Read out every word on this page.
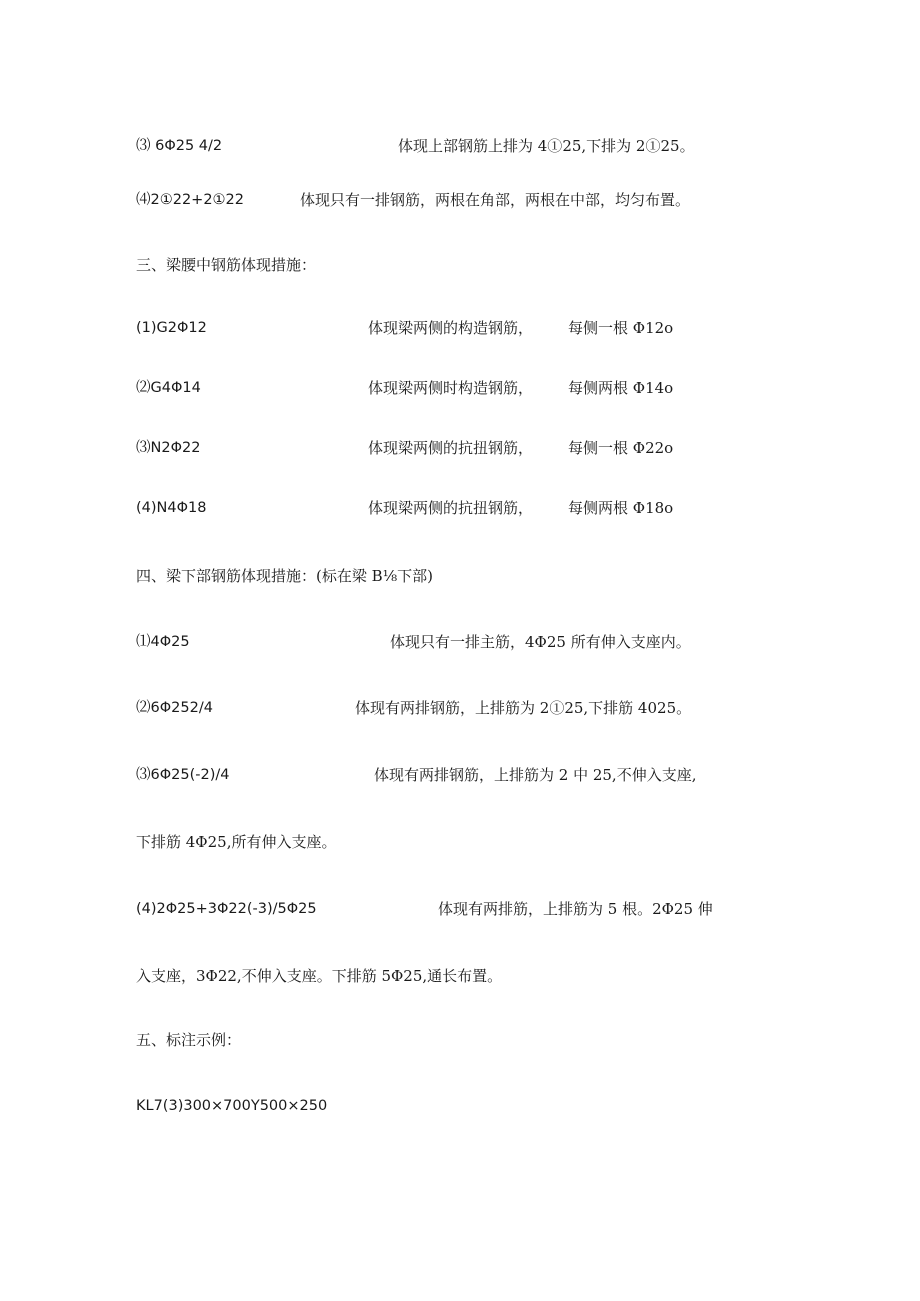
⑶ 6Φ25 4/2	体现上部钢筋上排为 4①25,下排为 2①25。
⑷2①22+2①22	体现只有一排钢筋，两根在角部，两根在中部，均匀布置。
三、梁腰中钢筋体现措施：
(1)G2Φ12	体现梁两侧的构造钢筋， 每侧一根 Φ12o
⑵G4Φ14	体现梁两侧时构造钢筋， 每侧两根 Φ14o
⑶N2Φ22	体现梁两侧的抗扭钢筋， 每侧一根 Φ22o
(4)N4Φ18	体现梁两侧的抗扭钢筋， 每侧两根 Φ18o
四、梁下部钢筋体现措施：(标在梁 B⅛下部)
⑴4Φ25	体现只有一排主筋，4Φ25 所有伸入支座内。
⑵6Φ252/4	体现有两排钢筋，上排筋为 2①25,下排筋 4025。
⑶6Φ25(-2)/4	体现有两排钢筋，上排筋为 2 中 25,不伸入支座,
下排筋 4Φ25,所有伸入支座。
(4)2Φ25+3Φ22(-3)/5Φ25	体现有两排筋，上排筋为 5 根。2Φ25 伸
入支座，3Φ22,不伸入支座。下排筋 5Φ25,通长布置。
五、标注示例：
KL7(3)300×700Y500×250
